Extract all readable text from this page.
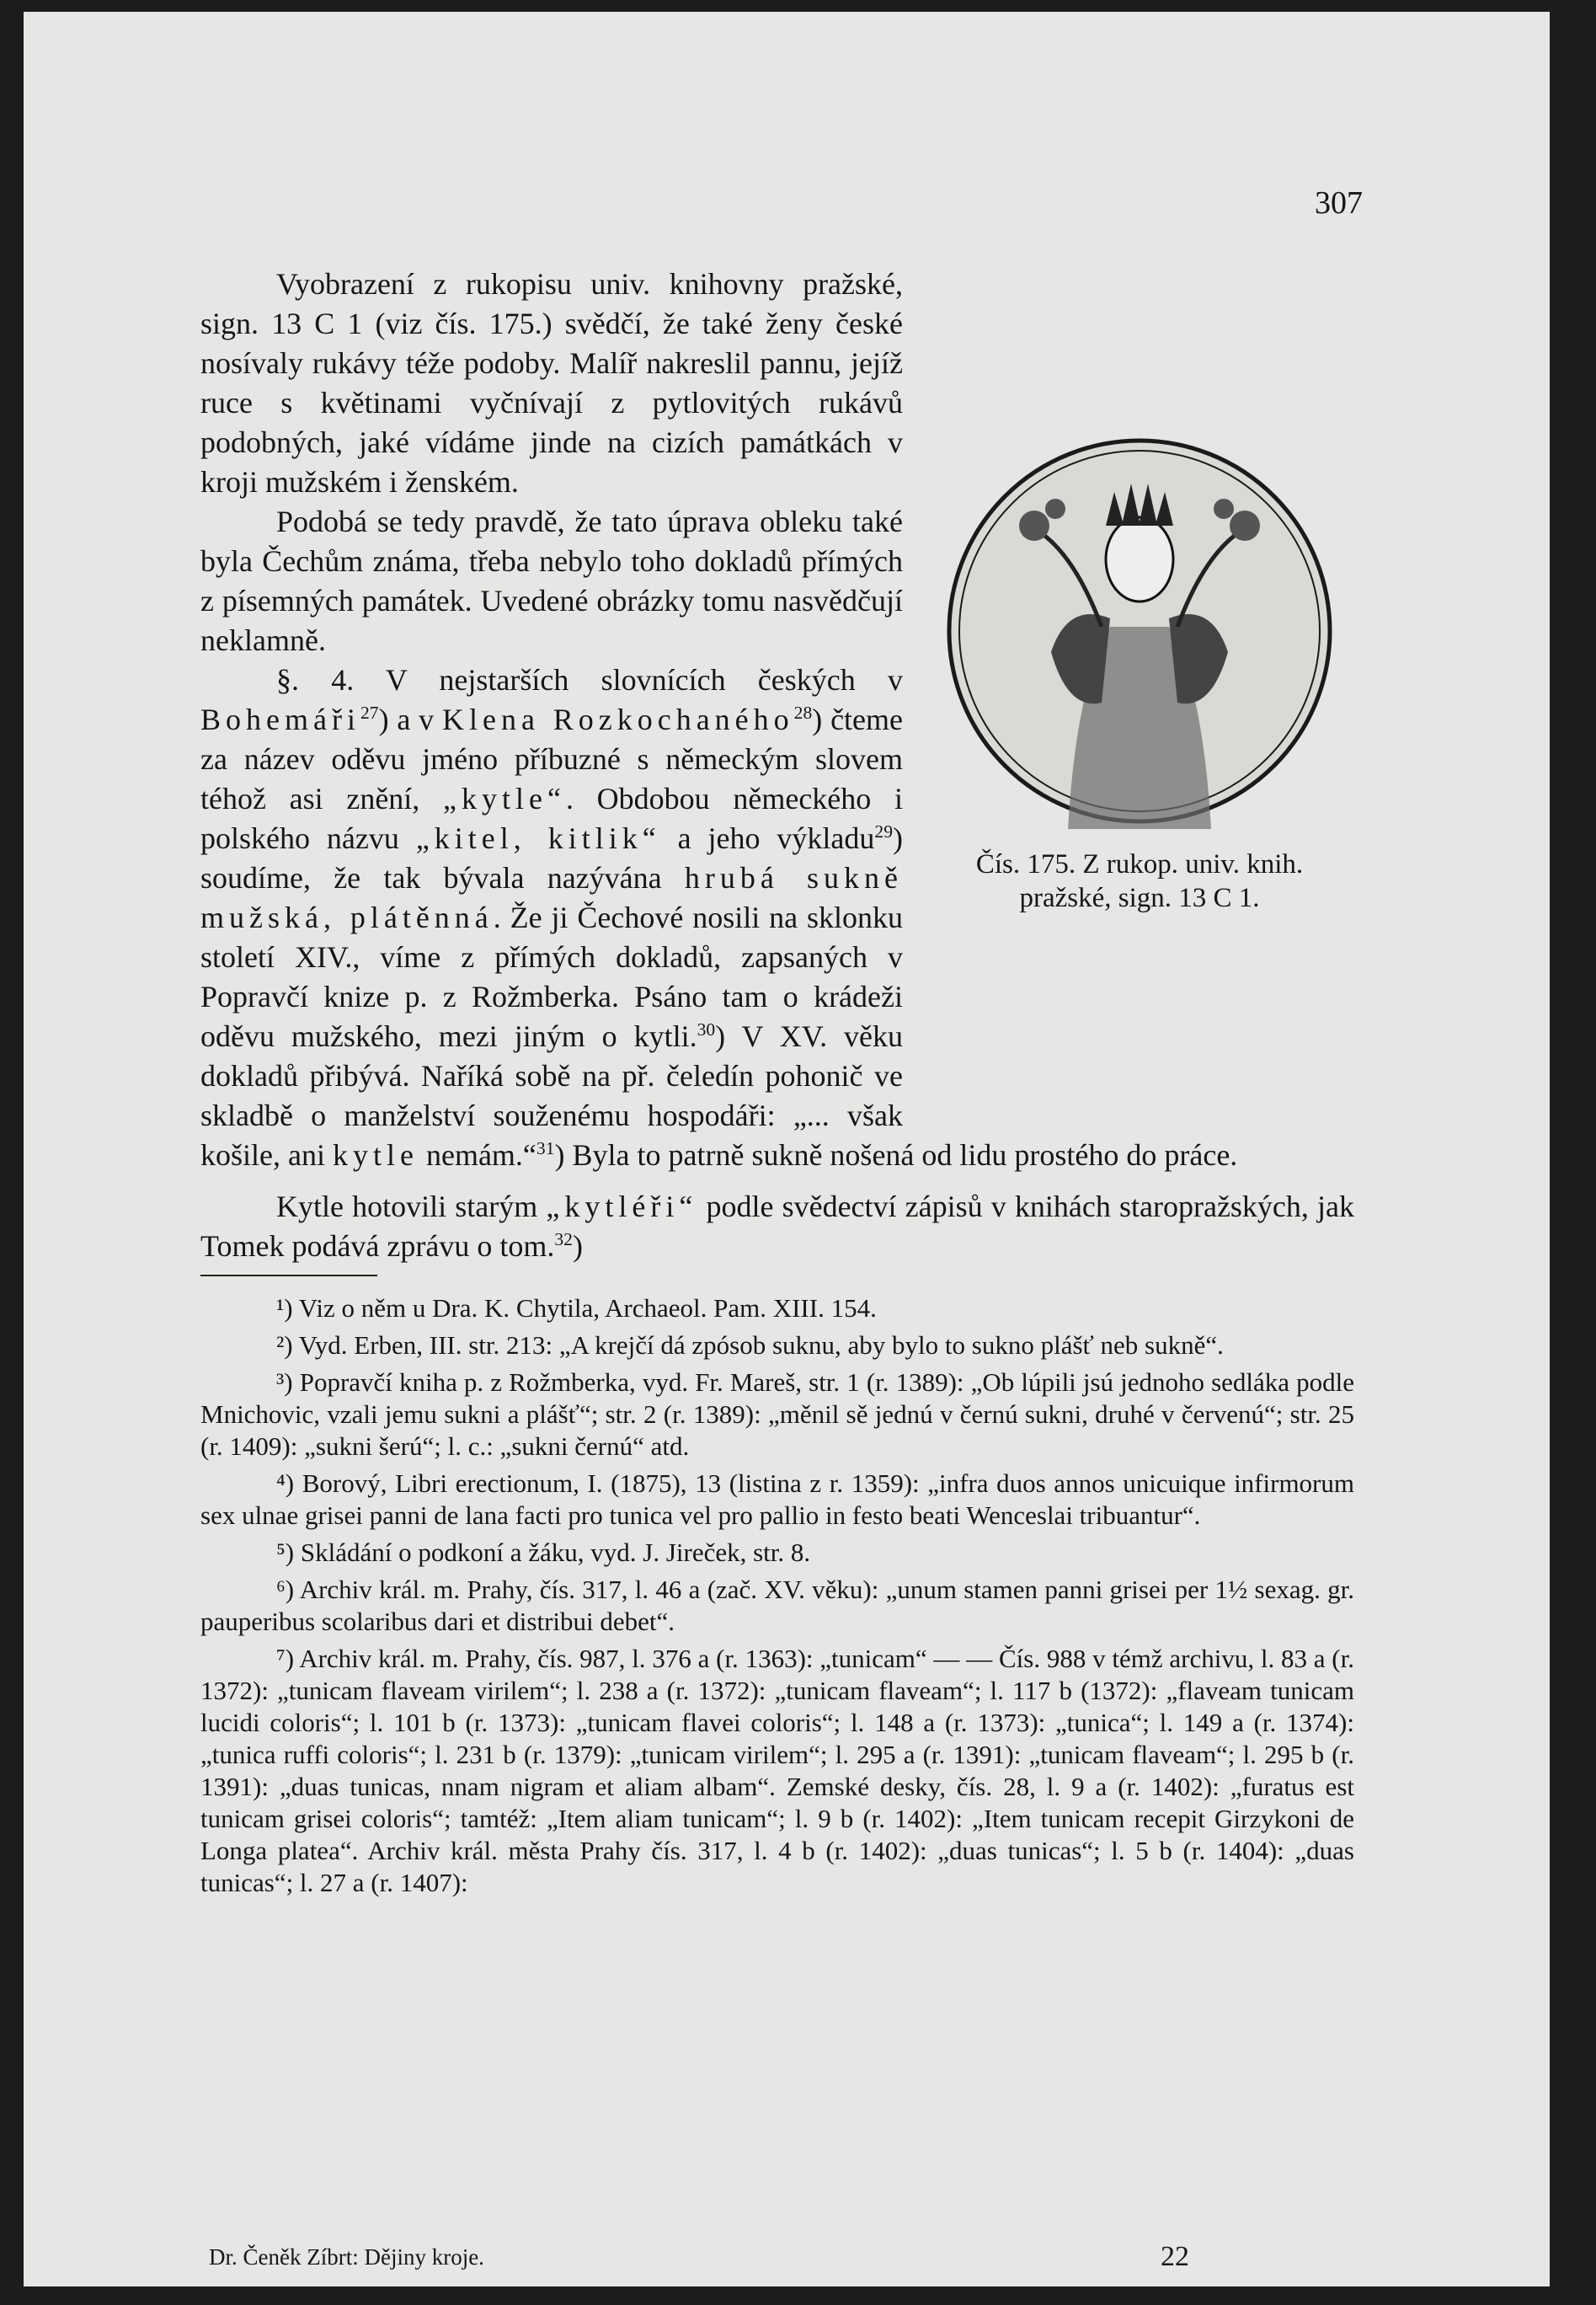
307
Čís. 175. Z rukop. univ. knih.
pražské, sign. 13 C 1.

Vyobrazení z rukopisu univ. knihovny pražské, sign. 13 C 1 (viz čís. 175.) svědčí, že také ženy české nosívaly rukávy téže podoby. Malíř nakreslil pannu, jejíž ruce s květinami vyčnívají z pytlovitých rukávů podobných, jaké vídáme jinde na cizích památkách v kroji mužském i ženském.

Podobá se tedy pravdě, že tato úprava obleku také byla Čechům známa, třeba nebylo toho dokladů přímých z písemných památek. Uvedené obrázky tomu nasvědčují neklamně.

§. 4. V nejstarších slovnících českých v Bohemáři$^{27}$) a v Klena Rozkochaného$^{28}$) čteme za název oděvu jméno příbuzné s německým slovem téhož asi znění, „kytle“. Obdobou německého i polského názvu „kitel, kitlik“ a jeho výkladu$^{29}$) soudíme, že tak bývala nazývána hrubá sukně mužská, plátěnná. Že ji Čechové nosili na sklonku století XIV., víme z přímých dokladů, zapsaných v Popravčí knize p. z Rožmberka. Psáno tam o krádeži oděvu mužského, mezi jiným o kytli.$^{30}$) V XV. věku dokladů přibývá. Naříká sobě na př. čeledín pohonič ve skladbě o manželství souženému hospodáři: „... však košile, ani kytle nemám.“$^{31}$) Byla to patrně sukně nošená od lidu prostého do práce.

Kytle hotovili starým „kytléři“ podle svědectví zápisů v knihách staropražských, jak Tomek podává zprávu o tom.$^{32}$)

¹) Viz o něm u Dra. K. Chytila, Archaeol. Pam. XIII. 154.

²) Vyd. Erben, III. str. 213: „A krejčí dá zpósob suknu, aby bylo to sukno plášť neb sukně“.

³) Popravčí kniha p. z Rožmberka, vyd. Fr. Mareš, str. 1 (r. 1389): „Ob lúpili jsú jednoho sedláka podle Mnichovic, vzali jemu sukni a plášť“; str. 2 (r. 1389): „měnil sě jednú v černú sukni, druhé v červenú“; str. 25 (r. 1409): „sukni šerú“; l. c.: „sukni černú“ atd.

⁴) Borový, Libri erectionum, I. (1875), 13 (listina z r. 1359): „infra duos annos unicuique infirmorum sex ulnae grisei panni de lana facti pro tunica vel pro pallio in festo beati Wenceslai tribuantur“.

⁵) Skládání o podkoní a žáku, vyd. J. Jireček, str. 8.

⁶) Archiv král. m. Prahy, čís. 317, l. 46 a (zač. XV. věku): „unum stamen panni grisei per 1½ sexag. gr. pauperibus scolaribus dari et distribui debet“.

⁷) Archiv král. m. Prahy, čís. 987, l. 376 a (r. 1363): „tunicam“ — — Čís. 988 v témž archivu, l. 83 a (r. 1372): „tunicam flaveam virilem“; l. 238 a (r. 1372): „tunicam flaveam“; l. 117 b (1372): „flaveam tunicam lucidi coloris“; l. 101 b (r. 1373): „tunicam flavei coloris“; l. 148 a (r. 1373): „tunica“; l. 149 a (r. 1374): „tunica ruffi coloris“; l. 231 b (r. 1379): „tunicam virilem“; l. 295 a (r. 1391): „tunicam flaveam“; l. 295 b (r. 1391): „duas tunicas, nnam nigram et aliam albam“. Zemské desky, čís. 28, l. 9 a (r. 1402): „furatus est tunicam grisei coloris“; tamtéž: „Item aliam tunicam“; l. 9 b (r. 1402): „Item tunicam recepit Girzykoni de Longa platea“. Archiv král. města Prahy čís. 317, l. 4 b (r. 1402): „duas tunicas“; l. 5 b (r. 1404): „duas tunicas“; l. 27 a (r. 1407):

Dr. Čeněk Zíbrt: Dějiny kroje.	22
